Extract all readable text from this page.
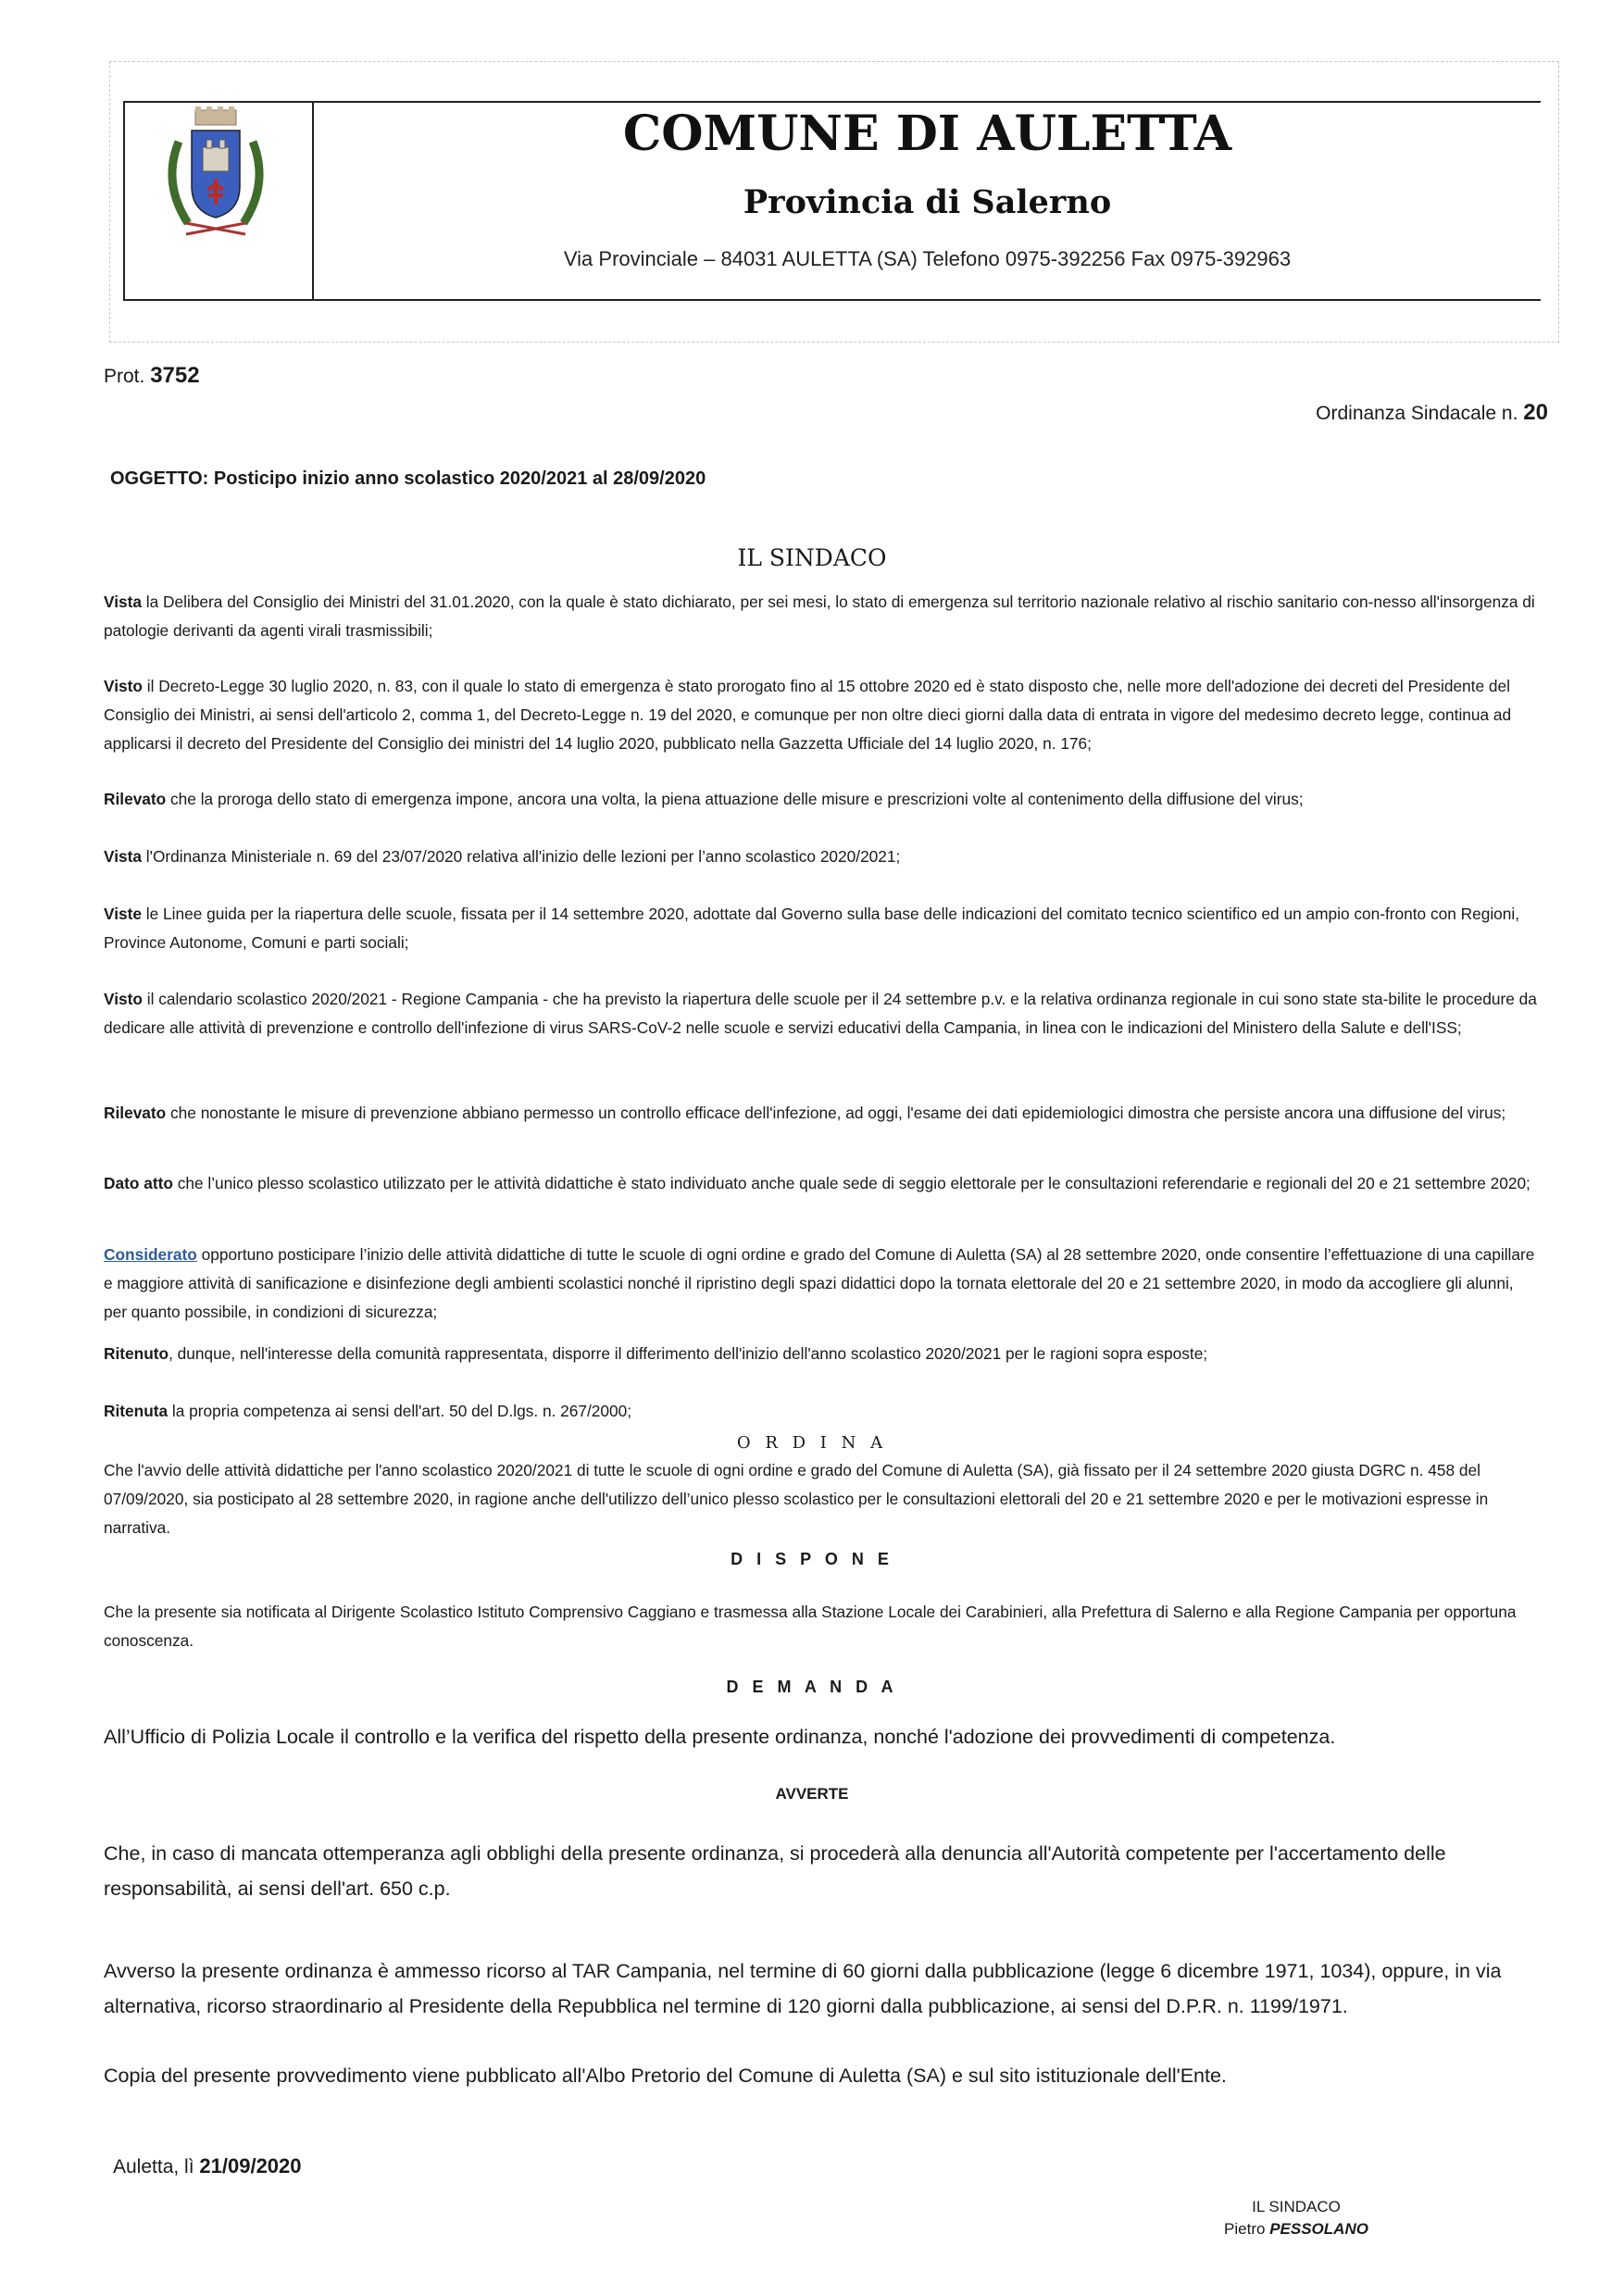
COMUNE DI AULETTA
Provincia di Salerno
Via Provinciale – 84031 AULETTA (SA) Telefono 0975-392256 Fax 0975-392963
Prot. 3752
Ordinanza Sindacale n. 20
OGGETTO: Posticipo inizio anno scolastico 2020/2021 al 28/09/2020
IL SINDACO
Vista la Delibera del Consiglio dei Ministri del 31.01.2020, con la quale è stato dichiarato, per sei mesi, lo stato di emergenza sul territorio nazionale relativo al rischio sanitario con-nesso all'insorgenza di patologie derivanti da agenti virali trasmissibili;
Visto il Decreto-Legge 30 luglio 2020, n. 83, con il quale lo stato di emergenza è stato prorogato fino al 15 ottobre 2020 ed è stato disposto che, nelle more dell'adozione dei decreti del Presidente del Consiglio dei Ministri, ai sensi dell'articolo 2, comma 1, del Decreto-Legge n. 19 del 2020, e comunque per non oltre dieci giorni dalla data di entrata in vigore del medesimo decreto legge, continua ad applicarsi il decreto del Presidente del Consiglio dei ministri del 14 luglio 2020, pubblicato nella Gazzetta Ufficiale del 14 luglio 2020, n. 176;
Rilevato che la proroga dello stato di emergenza impone, ancora una volta, la piena attuazione delle misure e prescrizioni volte al contenimento della diffusione del virus;
Vista l'Ordinanza Ministeriale n. 69 del 23/07/2020 relativa all'inizio delle lezioni per l’anno scolastico 2020/2021;
Viste le Linee guida per la riapertura delle scuole, fissata per il 14 settembre 2020, adottate dal Governo sulla base delle indicazioni del comitato tecnico scientifico ed un ampio con-fronto con Regioni, Province Autonome, Comuni e parti sociali;
Visto il calendario scolastico 2020/2021 - Regione Campania - che ha previsto la riapertura delle scuole per il 24 settembre p.v. e la relativa ordinanza regionale in cui sono state sta-bilite le procedure da dedicare alle attività di prevenzione e controllo dell'infezione di virus SARS-CoV-2 nelle scuole e servizi educativi della Campania, in linea con le indicazioni del Ministero della Salute e dell'ISS;
Rilevato che nonostante le misure di prevenzione abbiano permesso un controllo efficace dell'infezione, ad oggi, l'esame dei dati epidemiologici dimostra che persiste ancora una diffusione del virus;
Dato atto che l’unico plesso scolastico utilizzato per le attività didattiche è stato individuato anche quale sede di seggio elettorale per le consultazioni referendarie e regionali del 20 e 21 settembre 2020;
Considerato opportuno posticipare l’inizio delle attività didattiche di tutte le scuole di ogni ordine e grado del Comune di Auletta (SA) al 28 settembre 2020, onde consentire l’effettuazione di una capillare e maggiore attività di sanificazione e disinfezione degli ambienti scolastici nonché il ripristino degli spazi didattici dopo la tornata elettorale del 20 e 21 settembre 2020, in modo da accogliere gli alunni, per quanto possibile, in condizioni di sicurezza;
Ritenuto, dunque, nell'interesse della comunità rappresentata, disporre il differimento dell'inizio dell'anno scolastico 2020/2021 per le ragioni sopra esposte;
Ritenuta la propria competenza ai sensi dell'art. 50 del D.lgs. n. 267/2000;
O R D I N A
Che l'avvio delle attività didattiche per l'anno scolastico 2020/2021 di tutte le scuole di ogni ordine e grado del Comune di Auletta (SA), già fissato per il 24 settembre 2020 giusta DGRC n. 458 del 07/09/2020, sia posticipato al 28 settembre 2020, in ragione anche dell'utilizzo dell’unico plesso scolastico per le consultazioni elettorali del 20 e 21 settembre 2020 e per le motivazioni espresse in narrativa.
D I S P O N E
Che la presente sia notificata al Dirigente Scolastico Istituto Comprensivo Caggiano e trasmessa alla Stazione Locale dei Carabinieri, alla Prefettura di Salerno e alla Regione Campania per opportuna conoscenza.
D E M A N D A
All’Ufficio di Polizia Locale il controllo e la verifica del rispetto della presente ordinanza, nonché l'adozione dei provvedimenti di competenza.
AVVERTE
Che, in caso di mancata ottemperanza agli obblighi della presente ordinanza, si procederà alla denuncia all'Autorità competente per l'accertamento delle responsabilità, ai sensi dell'art. 650 c.p.
Avverso la presente ordinanza è ammesso ricorso al TAR Campania, nel termine di 60 giorni dalla pubblicazione (legge 6 dicembre 1971, 1034), oppure, in via alternativa, ricorso straordinario al Presidente della Repubblica nel termine di 120 giorni dalla pubblicazione, ai sensi del D.P.R. n. 1199/1971.
Copia del presente provvedimento viene pubblicato all'Albo Pretorio del Comune di Auletta (SA) e sul sito istituzionale dell'Ente.
Auletta, lì 21/09/2020
IL SINDACO
Pietro PESSOLANO
